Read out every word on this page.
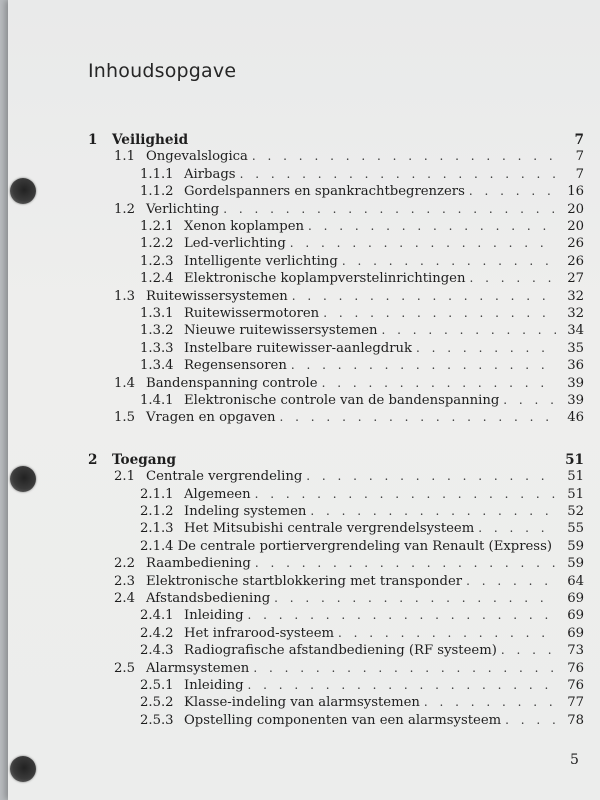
Inhoudsopgave
1	Veiligheid	7
1.1 Ongevalslogica . . .	7
1.1.1 Airbags . . .	7
1.1.2 Gordelspanners en spankrachtbegrenzers . . .	16
1.2 Verlichting . . .	20
1.2.1 Xenon koplampen . . .	20
1.2.2 Led-verlichting . . .	26
1.2.3 Intelligente verlichting . . .	26
1.2.4 Elektronische koplampverstelinrichtingen . . .	27
1.3 Ruitewissersystemen . . .	32
1.3.1 Ruitewissermotoren . . .	32
1.3.2 Nieuwe ruitewissersystemen . . .	34
1.3.3 Instelbare ruitewisser-aanlegdruk . . .	35
1.3.4 Regensensoren . . .	36
1.4 Bandenspanning controle . . .	39
1.4.1 Elektronische controle van de bandenspanning . . .	39
1.5 Vragen en opgaven . . .	46
2	Toegang	51
2.1 Centrale vergrendeling . . .	51
2.1.1 Algemeen . . .	51
2.1.2 Indeling systemen . . .	52
2.1.3 Het Mitsubishi centrale vergrendelsysteem . . .	55
2.1.4 De centrale portiervergrendeling van Renault (Express)	59
2.2 Raambediening . . .	59
2.3 Elektronische startblokkering met transponder . . .	64
2.4 Afstandsbediening . . .	69
2.4.1 Inleiding . . .	69
2.4.2 Het infrarood-systeem . . .	69
2.4.3 Radiografische afstandbediening (RF systeem) . . .	73
2.5 Alarmsystemen . . .	76
2.5.1 Inleiding . . .	76
2.5.2 Klasse-indeling van alarmsystemen . . .	77
2.5.3 Opstelling componenten van een alarmsysteem . . .	78
5
